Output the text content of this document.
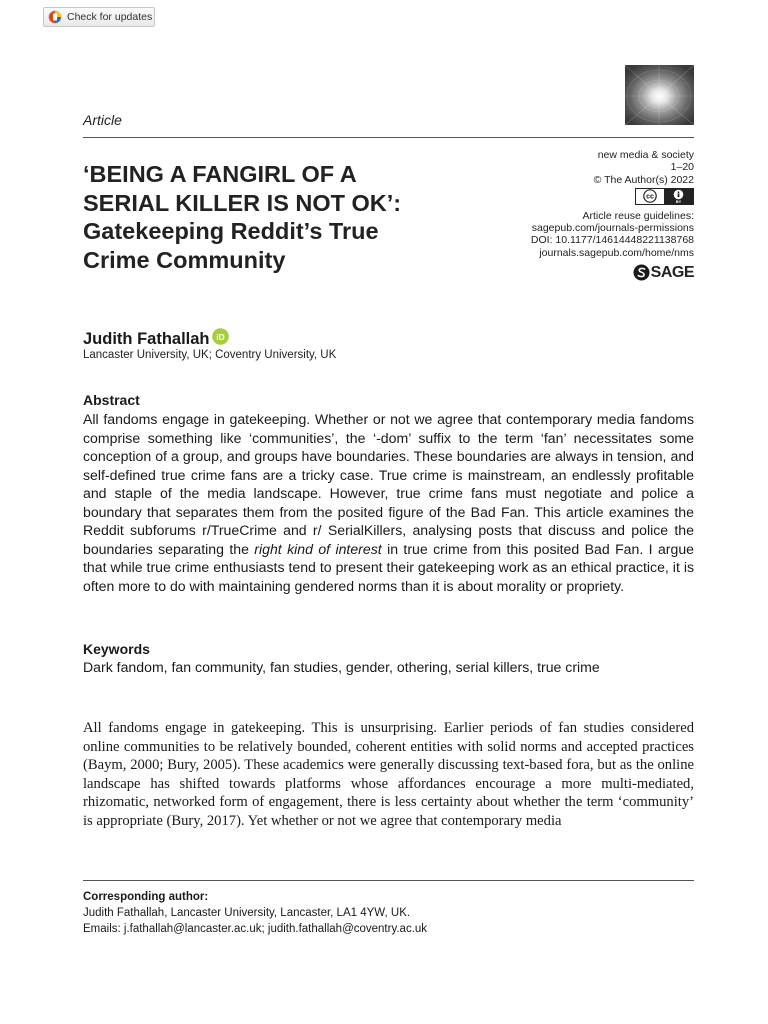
Check for updates
Article
‘BEING A FANGIRL OF A
SERIAL KILLER IS NOT OK’:
Gatekeeping Reddit’s True
Crime Community
new media & society
1–20
© The Author(s) 2022
cc
BY
Article reuse guidelines:
sagepub.com/journals-permissions
DOI: 10.1177/14614448221138768
journals.sagepub.com/home/nms
SAGE
Judith Fathallah iD
Lancaster University, UK; Coventry University, UK
Abstract

All fandoms engage in gatekeeping. Whether or not we agree that contemporary media fandoms comprise something like ‘communities’, the ‘-dom’ suffix to the term ‘fan’ necessitates some conception of a group, and groups have boundaries. These boundaries are always in tension, and self-defined true crime fans are a tricky case. True crime is mainstream, an endlessly profitable and staple of the media landscape. However, true crime fans must negotiate and police a boundary that separates them from the posited figure of the Bad Fan. This article examines the Reddit subforums r/TrueCrime and r/ SerialKillers, analysing posts that discuss and police the boundaries separating the right kind of interest in true crime from this posited Bad Fan. I argue that while true crime enthusiasts tend to present their gatekeeping work as an ethical practice, it is often more to do with maintaining gendered norms than it is about morality or propriety.

Keywords
Dark fandom, fan community, fan studies, gender, othering, serial killers, true crime

All fandoms engage in gatekeeping. This is unsurprising. Earlier periods of fan studies considered online communities to be relatively bounded, coherent entities with solid norms and accepted practices (Baym, 2000; Bury, 2005). These academics were generally discussing text-based fora, but as the online landscape has shifted towards platforms whose affordances encourage a more multi-mediated, rhizomatic, networked form of engagement, there is less certainty about whether the term ‘community’ is appropriate (Bury, 2017). Yet whether or not we agree that contemporary media

Corresponding author:
Judith Fathallah, Lancaster University, Lancaster, LA1 4YW, UK.
Emails: j.fathallah@lancaster.ac.uk; judith.fathallah@coventry.ac.uk
